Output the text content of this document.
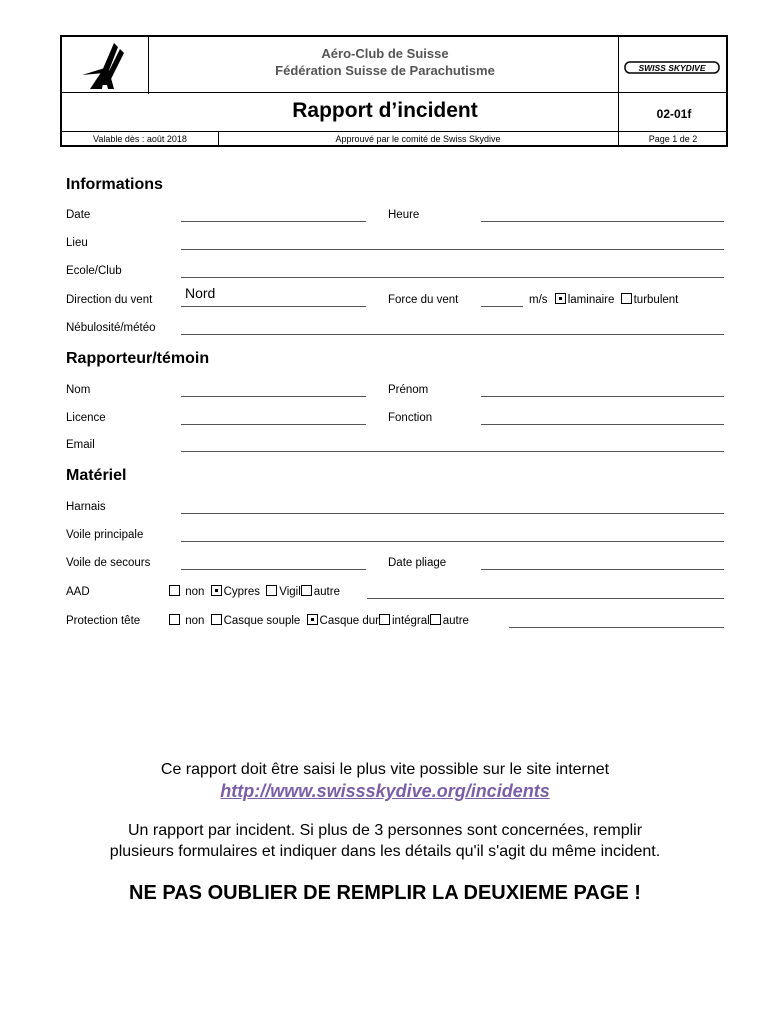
Aéro-Club de Suisse
Fédération Suisse de Parachutisme	SWISS SKYDIVE
Rapport d’incident	02-01f
Valable dès : août 2018	Approuvé par le comité de Swiss Skydive	Page 1 de 2
Informations
Date	Heure
Lieu
Ecole/Club
Direction du vent Nord	Force du vent	m/s laminaire turbulent
Nébulosité/météo
Rapporteur/témoin
Nom	Prénom
Licence	Fonction
Email
Matériel
Harnais
Voile principale
Voile de secours	Date pliage
AAD	non Cypres Vigil autre
Protection tête	non Casque souple Casque dur intégral autre
Ce rapport doit être saisi le plus vite possible sur le site internet
http://www.swissskydive.org/incidents
Un rapport par incident. Si plus de 3 personnes sont concernées, remplir
plusieurs formulaires et indiquer dans les détails qu'il s'agit du même incident.
NE PAS OUBLIER DE REMPLIR LA DEUXIEME PAGE !
